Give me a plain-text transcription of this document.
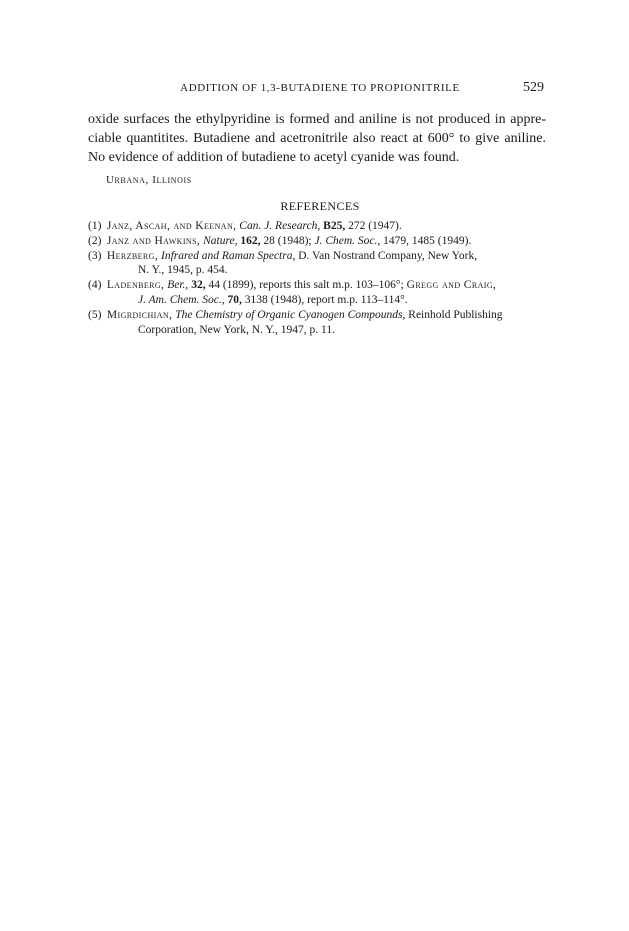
ADDITION OF 1,3-BUTADIENE TO PROPIONITRILE	529
oxide surfaces the ethylpyridine is formed and aniline is not produced in appre-
ciable quantitites. Butadiene and acetronitrile also react at 600° to give aniline.
No evidence of addition of butadiene to acetyl cyanide was found.
Urbana, Illinois
REFERENCES

(1) Janz, Ascah, and Keenan, Can. J. Research, B25, 272 (1947).

(2) Janz and Hawkins, Nature, 162, 28 (1948); J. Chem. Soc., 1479, 1485 (1949).

(3) Herzberg, Infrared and Raman Spectra, D. Van Nostrand Company, New York,
N. Y., 1945, p. 454.

(4) Ladenberg, Ber., 32, 44 (1899), reports this salt m.p. 103–106°; Gregg and Craig,
J. Am. Chem. Soc., 70, 3138 (1948), report m.p. 113–114°.

(5) Migrdichian, The Chemistry of Organic Cyanogen Compounds, Reinhold Publishing
Corporation, New York, N. Y., 1947, p. 11.
